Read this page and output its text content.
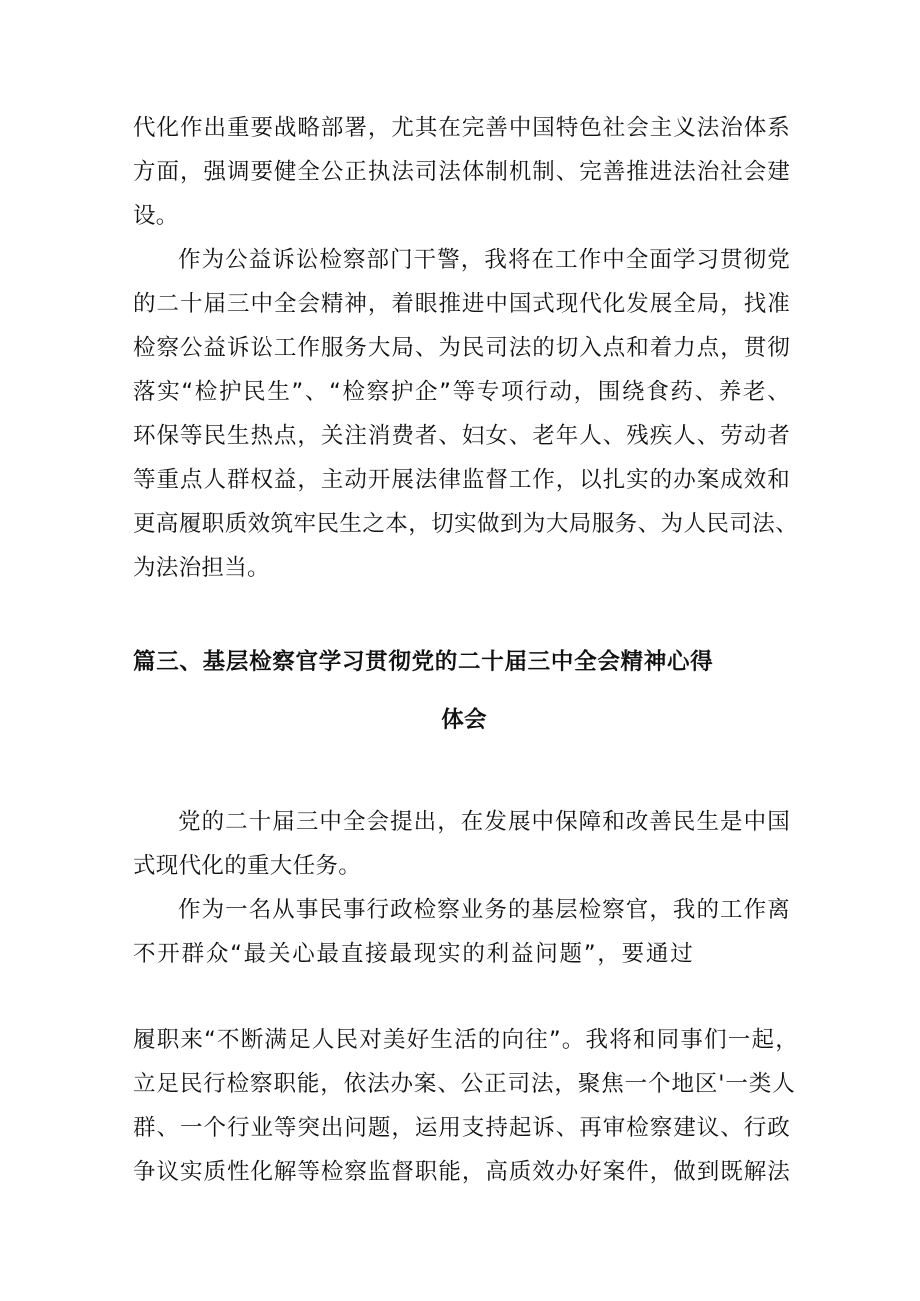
代化作出重要战略部署，尤其在完善中国特色社会主义法治体系
方面，强调要健全公正执法司法体制机制、完善推进法治社会建
设。
作为公益诉讼检察部门干警，我将在工作中全面学习贯彻党
的二十届三中全会精神，着眼推进中国式现代化发展全局，找准
检察公益诉讼工作服务大局、为民司法的切入点和着力点，贯彻
落实“检护民生”、“检察护企”等专项行动，围绕食药、养老、
环保等民生热点，关注消费者、妇女、老年人、残疾人、劳动者
等重点人群权益，主动开展法律监督工作，以扎实的办案成效和
更高履职质效筑牢民生之本，切实做到为大局服务、为人民司法、
为法治担当。
篇三、基层检察官学习贯彻党的二十届三中全会精神心得
体会
党的二十届三中全会提出，在发展中保障和改善民生是中国
式现代化的重大任务。
作为一名从事民事行政检察业务的基层检察官，我的工作离
不开群众“最关心最直接最现实的利益问题”，要通过
履职来“不断满足人民对美好生活的向往”。我将和同事们一起，
立足民行检察职能，依法办案、公正司法，聚焦一个地区'一类人
群、一个行业等突出问题，运用支持起诉、再审检察建议、行政
争议实质性化解等检察监督职能，高质效办好案件，做到既解法
